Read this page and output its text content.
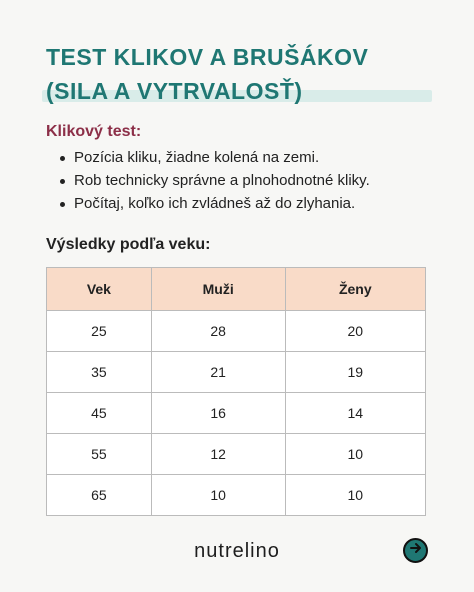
TEST KLIKOV A BRUŠÁKOV
(SILA A VYTRVALOSŤ)
Klikový test:
Pozícia kliku, žiadne kolená na zemi.
Rob technicky správne a plnohodnotné kliky.
Počítaj, koľko ich zvládneš až do zlyhania.
Výsledky podľa veku:
Vek	Muži	Ženy
25	28	20
35	21	19
45	16	14
55	12	10
65	10	10
nutrelino
